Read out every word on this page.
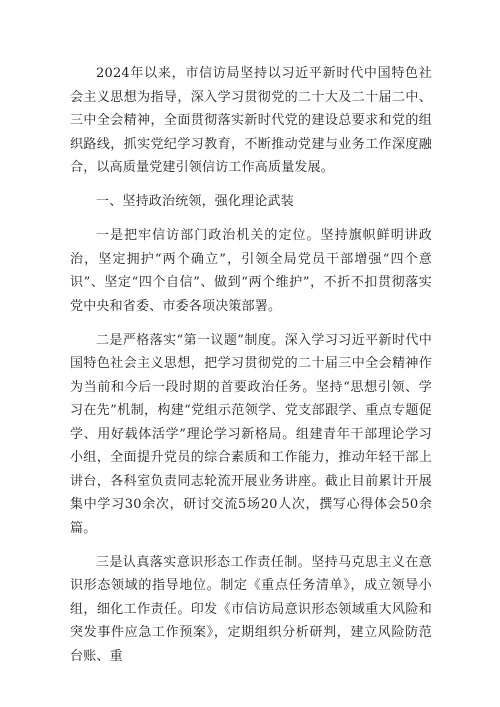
2024年以来，市信访局坚持以习近平新时代中国特色社会主义思想为指导，深入学习贯彻党的二十大及二十届二中、三中全会精神，全面贯彻落实新时代党的建设总要求和党的组织路线，抓实党纪学习教育，不断推动党建与业务工作深度融合，以高质量党建引领信访工作高质量发展。

一、坚持政治统领，强化理论武装

一是把牢信访部门政治机关的定位。坚持旗帜鲜明讲政治，坚定拥护“两个确立”，引领全局党员干部增强“四个意识”、坚定“四个自信”、做到“两个维护”，不折不扣贯彻落实党中央和省委、市委各项决策部署。

二是严格落实“第一议题”制度。深入学习习近平新时代中国特色社会主义思想，把学习贯彻党的二十届三中全会精神作为当前和今后一段时期的首要政治任务。坚持“思想引领、学习在先”机制，构建“党组示范领学、党支部跟学、重点专题促学、用好载体活学”理论学习新格局。组建青年干部理论学习小组，全面提升党员的综合素质和工作能力，推动年轻干部上讲台，各科室负责同志轮流开展业务讲座。截止目前累计开展集中学习30余次，研讨交流5场20人次，撰写心得体会50余篇。

三是认真落实意识形态工作责任制。坚持马克思主义在意识形态领域的指导地位。制定《重点任务清单》，成立领导小组，细化工作责任。印发《市信访局意识形态领域重大风险和突发事件应急工作预案》，定期组织分析研判，建立风险防范台账、重
